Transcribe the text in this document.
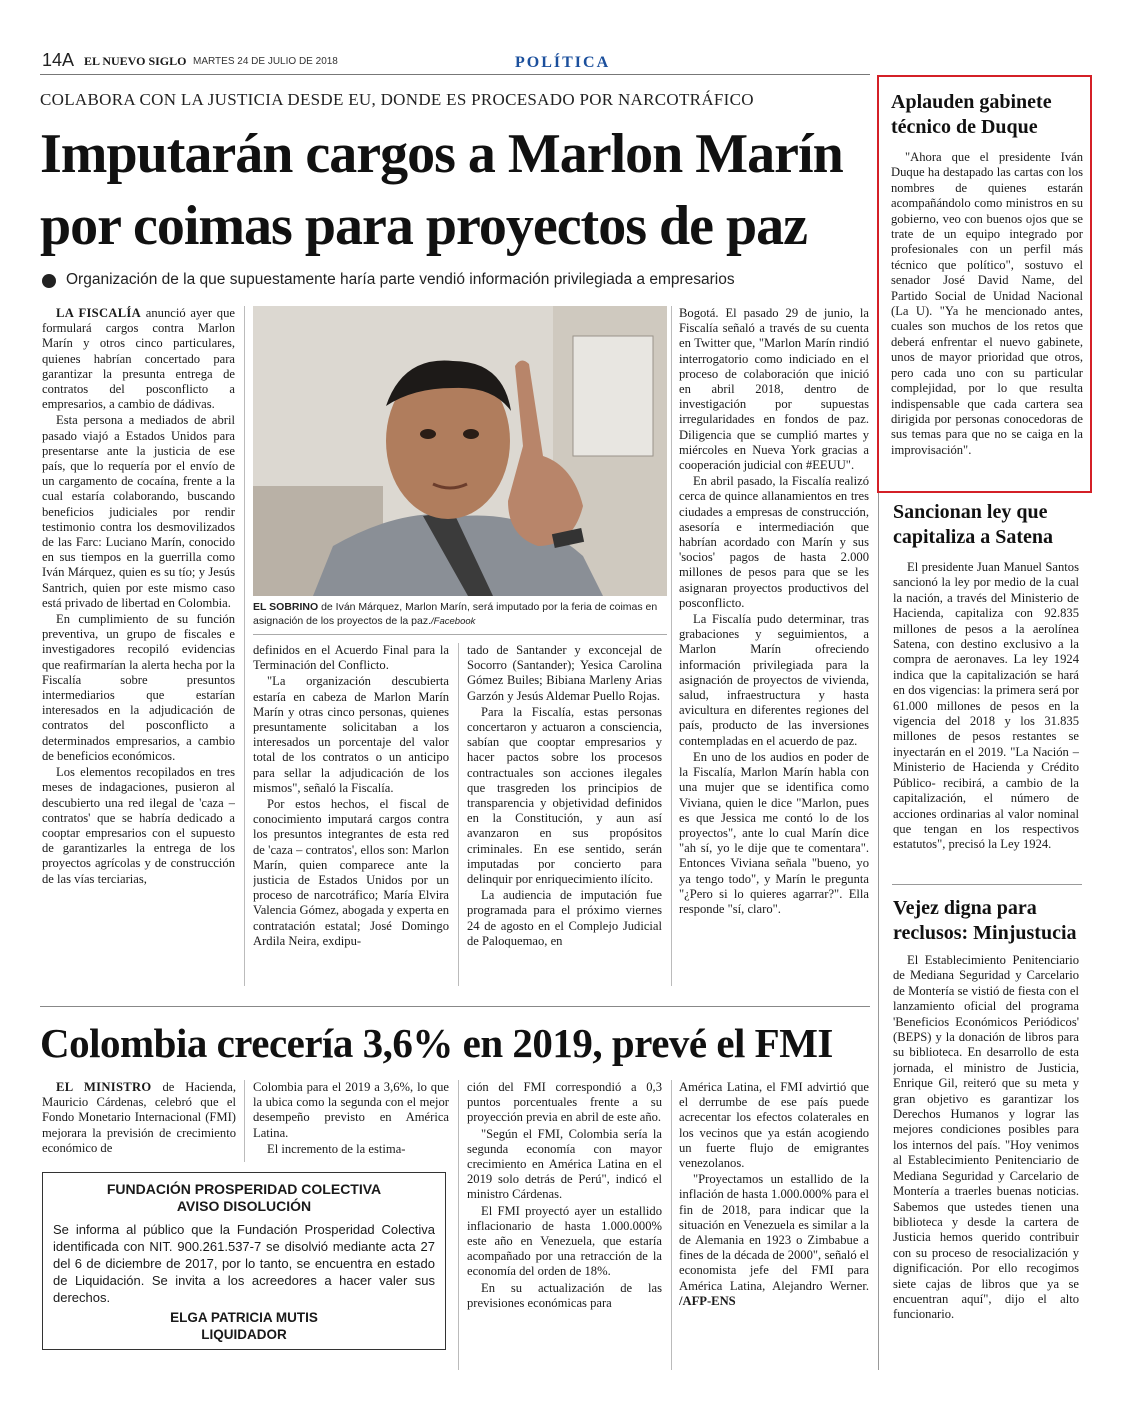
14A EL NUEVO SIGLO MARTES 24 DE JULIO DE 2018	POLÍTICA
COLABORA CON LA JUSTICIA DESDE EU, DONDE ES PROCESADO POR NARCOTRÁFICO
Imputarán cargos a Marlon Marín
por coimas para proyectos de paz
Organización de la que supuestamente haría parte vendió información privilegiada a empresarios

LA FISCALÍA anunció ayer que formulará cargos contra Marlon Marín y otros cinco particulares, quienes habrían concertado para garantizar la presunta entrega de contratos del posconflicto a empresarios, a cambio de dádivas.

Esta persona a mediados de abril pasado viajó a Estados Unidos para presentarse ante la justicia de ese país, que lo requería por el envío de un cargamento de cocaína, frente a la cual estaría colaborando, buscando beneficios judiciales por rendir testimonio contra los desmovilizados de las Farc: Luciano Marín, conocido en sus tiempos en la guerrilla como Iván Márquez, quien es su tío; y Jesús Santrich, quien por este mismo caso está privado de libertad en Colombia.

En cumplimiento de su función preventiva, un grupo de fiscales e investigadores recopiló evidencias que reafirmarían la alerta hecha por la Fiscalía sobre presuntos intermediarios que estarían interesados en la adjudicación de contratos del posconflicto a determinados empresarios, a cambio de beneficios económicos.

Los elementos recopilados en tres meses de indagaciones, pusieron al descubierto una red ilegal de 'caza – contratos' que se habría dedicado a cooptar empresarios con el supuesto de garantizarles la entrega de los proyectos agrícolas y de construcción de las vías terciarias,

EL SOBRINO de Iván Márquez, Marlon Marín, será imputado por la feria de coimas en asignación de los proyectos de la paz./Facebook

definidos en el Acuerdo Final para la Terminación del Conflicto.

"La organización descubierta estaría en cabeza de Marlon Marín Marín y otras cinco personas, quienes presuntamente solicitaban a los interesados un porcentaje del valor total de los contratos o un anticipo para sellar la adjudicación de los mismos", señaló la Fiscalía.

Por estos hechos, el fiscal de conocimiento imputará cargos contra los presuntos integrantes de esta red de 'caza – contratos', ellos son: Marlon Marín, quien comparece ante la justicia de Estados Unidos por un proceso de narcotráfico; María Elvira Valencia Gómez, abogada y experta en contratación estatal; José Domingo Ardila Neira, exdipu-

tado de Santander y exconcejal de Socorro (Santander); Yesica Carolina Gómez Builes; Bibiana Marleny Arias Garzón y Jesús Aldemar Puello Rojas.

Para la Fiscalía, estas personas concertaron y actuaron a consciencia, sabían que cooptar empresarios y hacer pactos sobre los procesos contractuales son acciones ilegales que trasgreden los principios de transparencia y objetividad definidos en la Constitución, y aun así avanzaron en sus propósitos criminales. En ese sentido, serán imputadas por concierto para delinquir por enriquecimiento ilícito.

La audiencia de imputación fue programada para el próximo viernes 24 de agosto en el Complejo Judicial de Paloquemao, en

Bogotá. El pasado 29 de junio, la Fiscalía señaló a través de su cuenta en Twitter que, "Marlon Marín rindió interrogatorio como indiciado en el proceso de colaboración que inició en abril 2018, dentro de investigación por supuestas irregularidades en fondos de paz. Diligencia que se cumplió martes y miércoles en Nueva York gracias a cooperación judicial con #EEUU".

En abril pasado, la Fiscalía realizó cerca de quince allanamientos en tres ciudades a empresas de construcción, asesoría e intermediación que habrían acordado con Marín y sus 'socios' pagos de hasta 2.000 millones de pesos para que se les asignaran proyectos productivos del posconflicto.

La Fiscalía pudo determinar, tras grabaciones y seguimientos, a Marlon Marín ofreciendo información privilegiada para la asignación de proyectos de vivienda, salud, infraestructura y hasta avicultura en diferentes regiones del país, producto de las inversiones contempladas en el acuerdo de paz.

En uno de los audios en poder de la Fiscalía, Marlon Marín habla con una mujer que se identifica como Viviana, quien le dice "Marlon, pues es que Jessica me contó lo de los proyectos", ante lo cual Marín dice "ah sí, yo le dije que te comentara". Entonces Viviana señala "bueno, yo ya tengo todo", y Marín le pregunta "¿Pero si lo quieres agarrar?". Ella responde "sí, claro".

Colombia crecería 3,6% en 2019, prevé el FMI

EL MINISTRO de Hacienda, Mauricio Cárdenas, celebró que el Fondo Monetario Internacional (FMI) mejorara la previsión de crecimiento económico de

Colombia para el 2019 a 3,6%, lo que la ubica como la segunda con el mejor desempeño previsto en América Latina.

El incremento de la estima-

ción del FMI correspondió a 0,3 puntos porcentuales frente a su proyección previa en abril de este año.

"Según el FMI, Colombia sería la segunda economía con mayor crecimiento en América Latina en el 2019 solo detrás de Perú", indicó el ministro Cárdenas.

El FMI proyectó ayer un estallido inflacionario de hasta 1.000.000% este año en Venezuela, que estaría acompañado por una retracción de la economía del orden de 18%.

En su actualización de las previsiones económicas para

América Latina, el FMI advirtió que el derrumbe de ese país puede acrecentar los efectos colaterales en los vecinos que ya están acogiendo un fuerte flujo de emigrantes venezolanos.

"Proyectamos un estallido de la inflación de hasta 1.000.000% para el fin de 2018, para indicar que la situación en Venezuela es similar a la de Alemania en 1923 o Zimbabue a fines de la década de 2000", señaló el economista jefe del FMI para América Latina, Alejandro Werner. /AFP-ENS

FUNDACIÓN PROSPERIDAD COLECTIVA
AVISO DISOLUCIÓN
Se informa al público que la Fundación Prosperidad Colectiva identificada con NIT. 900.261.537-7 se disolvió mediante acta 27 del 6 de diciembre de 2017, por lo tanto, se encuentra en estado de Liquidación. Se invita a los acreedores a hacer valer sus derechos.
ELGA PATRICIA MUTIS
LIQUIDADOR
Aplauden gabinete técnico de Duque
"Ahora que el presidente Iván Duque ha destapado las cartas con los nombres de quienes estarán acompañándolo como ministros en su gobierno, veo con buenos ojos que se trate de un equipo integrado por profesionales con un perfil más técnico que político", sostuvo el senador José David Name, del Partido Social de Unidad Nacional (La U). "Ya he mencionado antes, cuales son muchos de los retos que deberá enfrentar el nuevo gabinete, unos de mayor prioridad que otros, pero cada uno con su particular complejidad, por lo que resulta indispensable que cada cartera sea dirigida por personas conocedoras de sus temas para que no se caiga en la improvisación".
Sancionan ley que capitaliza a Satena
El presidente Juan Manuel Santos sancionó la ley por medio de la cual la nación, a través del Ministerio de Hacienda, capitaliza con 92.835 millones de pesos a la aerolínea Satena, con destino exclusivo a la compra de aeronaves. La ley 1924 indica que la capitalización se hará en dos vigencias: la primera será por 61.000 millones de pesos en la vigencia del 2018 y los 31.835 millones de pesos restantes se inyectarán en el 2019. "La Nación –Ministerio de Hacienda y Crédito Público- recibirá, a cambio de la capitalización, el número de acciones ordinarias al valor nominal que tengan en los respectivos estatutos", precisó la Ley 1924.
Vejez digna para reclusos: Minjustucia
El Establecimiento Penitenciario de Mediana Seguridad y Carcelario de Montería se vistió de fiesta con el lanzamiento oficial del programa 'Beneficios Económicos Periódicos' (BEPS) y la donación de libros para su biblioteca. En desarrollo de esta jornada, el ministro de Justicia, Enrique Gil, reiteró que su meta y gran objetivo es garantizar los Derechos Humanos y lograr las mejores condiciones posibles para los internos del país. "Hoy venimos al Establecimiento Penitenciario de Mediana Seguridad y Carcelario de Montería a traerles buenas noticias. Sabemos que ustedes tienen una biblioteca y desde la cartera de Justicia hemos querido contribuir con su proceso de resocialización y dignificación. Por ello recogimos siete cajas de libros que ya se encuentran aquí", dijo el alto funcionario.
